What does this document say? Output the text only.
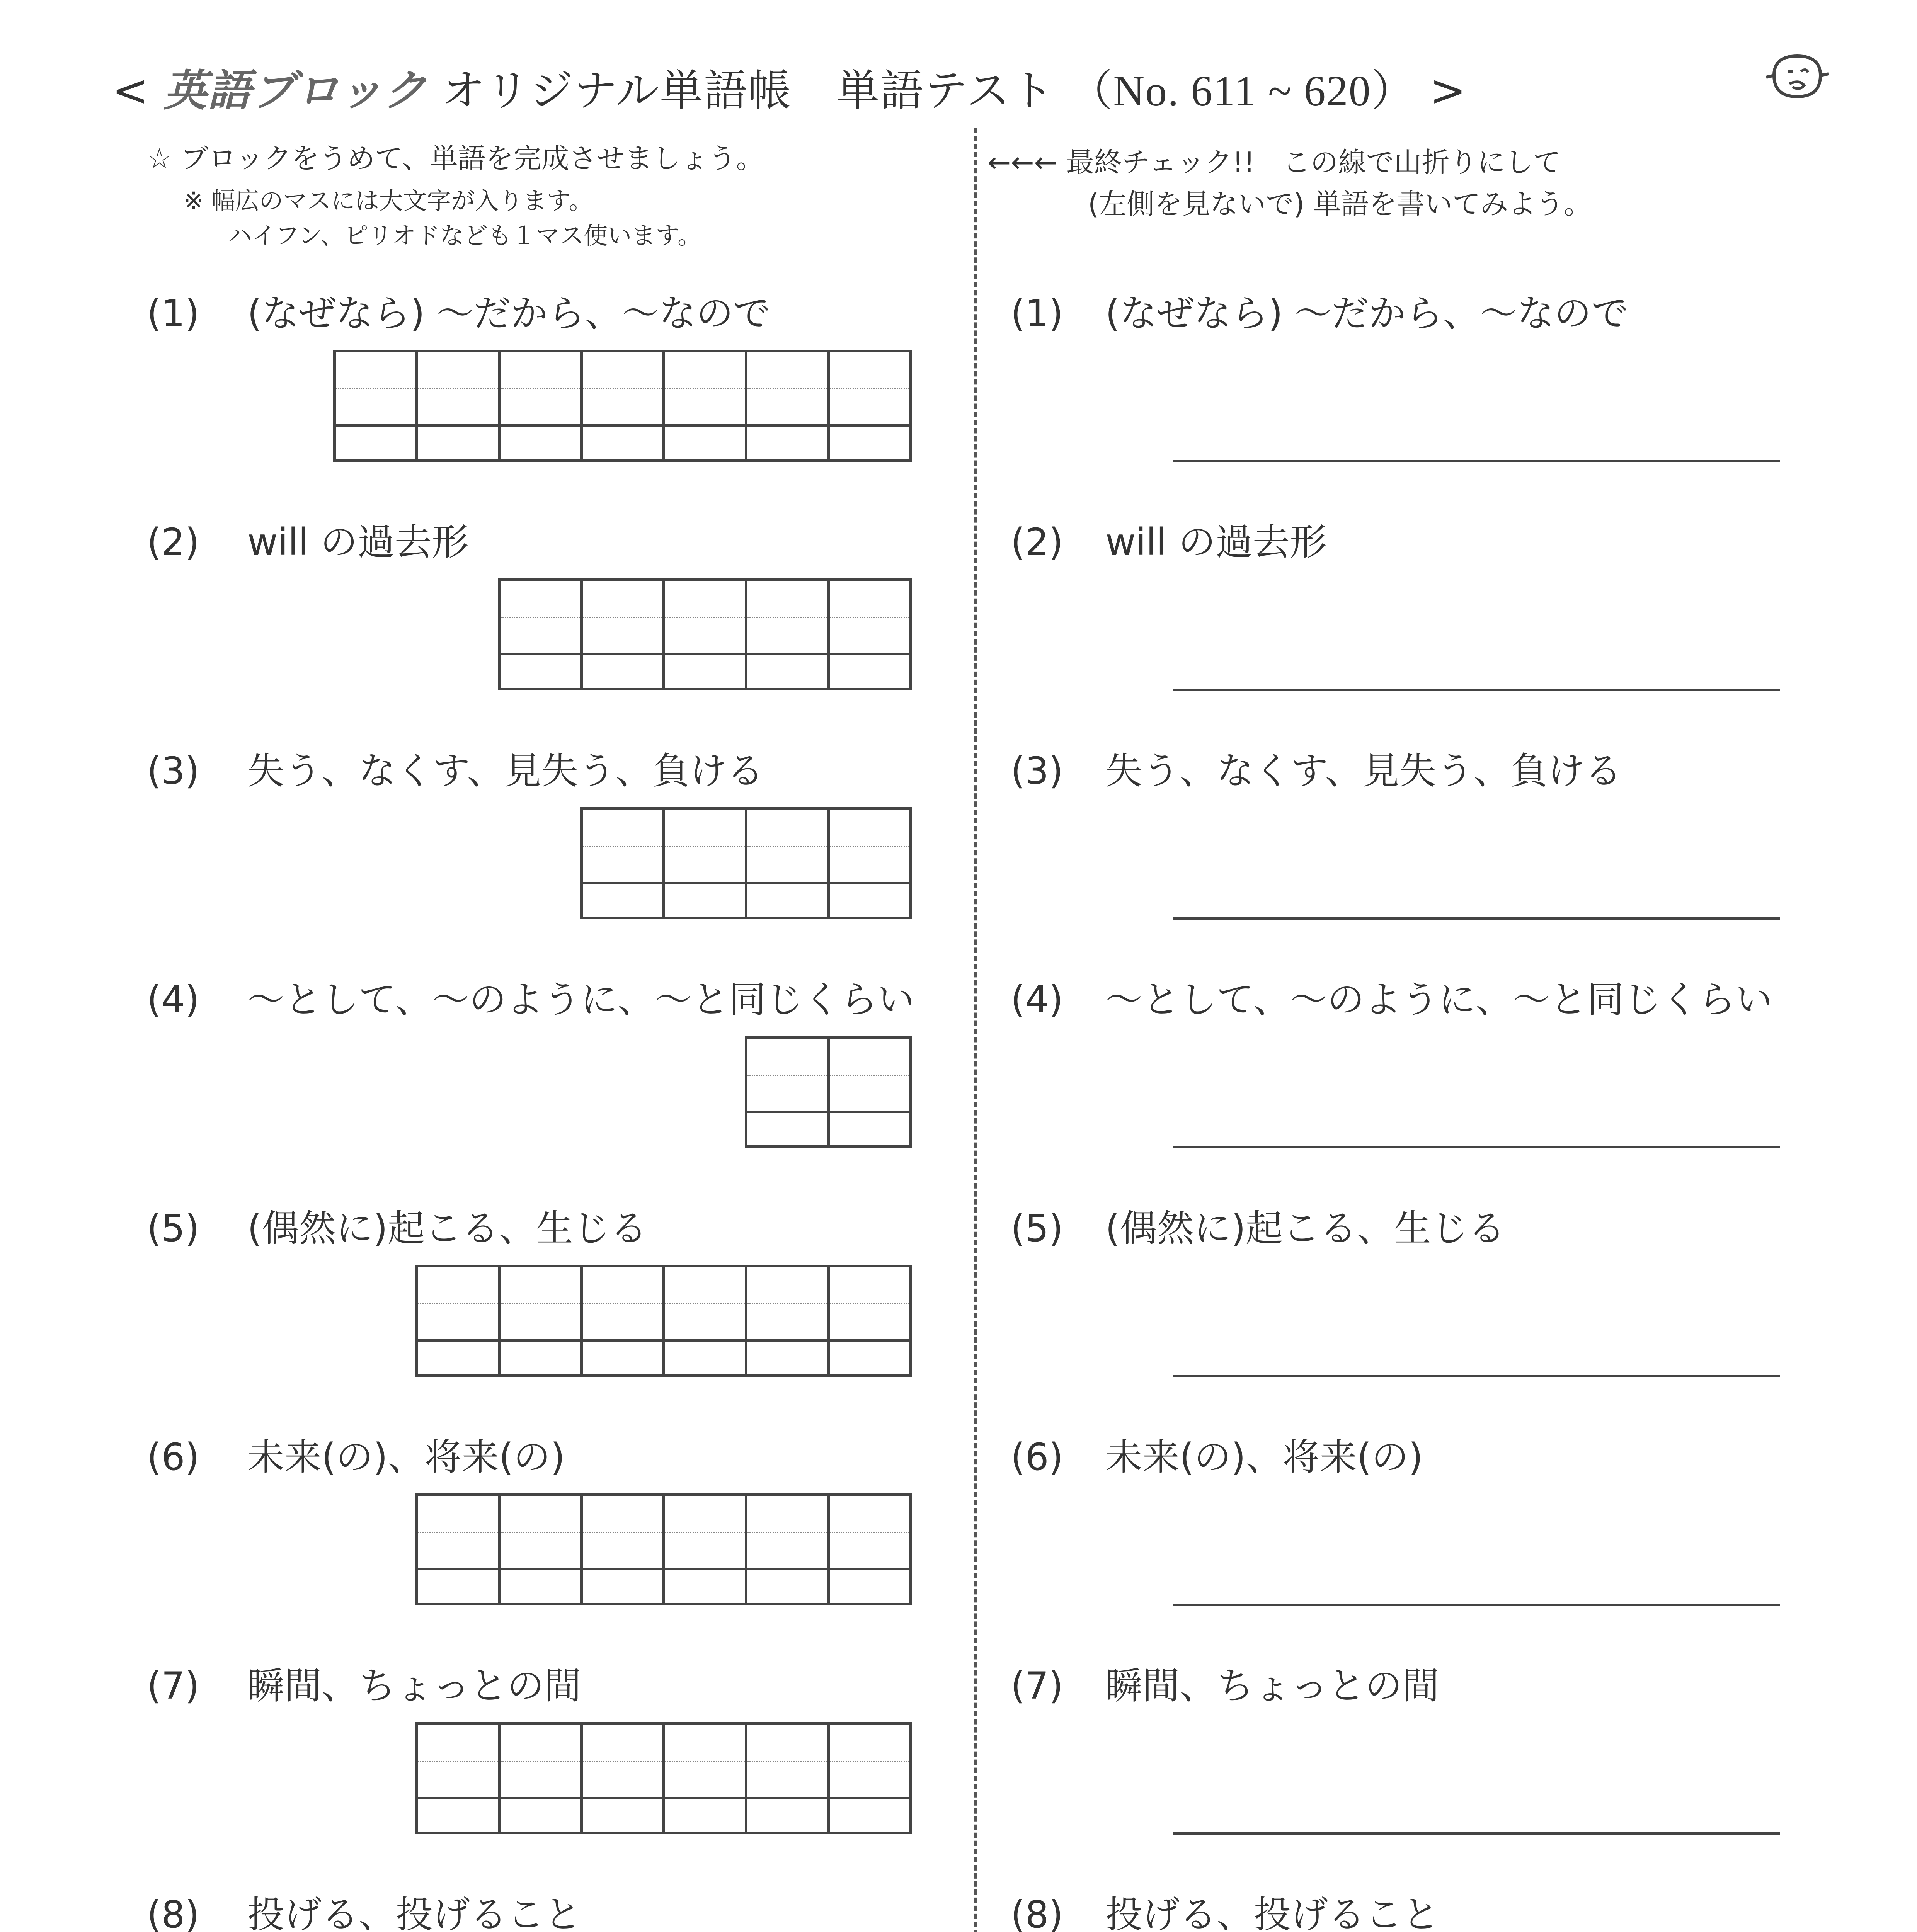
< 英語ブロック オリジナル単語帳　単語テスト （No. 611 ~ 620） >
☆ ブロックをうめて、単語を完成させましょう。
※ 幅広のマスには大文字が入ります。
ハイフン、ピリオドなども１マス使います。
←←← 最終チェック!!　この線で山折りにして
(左側を見ないで) 単語を書いてみよう。
(1) (なぜなら) ～だから、～なので	(1) (なぜなら) ～だから、～なので
(2) will の過去形	(2) will の過去形
(3) 失う、なくす、見失う、負ける	(3) 失う、なくす、見失う、負ける
(4) ～として、～のように、～と同じくらい	(4) ～として、～のように、～と同じくらい
(5) (偶然に)起こる、生じる	(5) (偶然に)起こる、生じる
(6) 未来(の)、将来(の)	(6) 未来(の)、将来(の)
(7) 瞬間、ちょっとの間	(7) 瞬間、ちょっとの間
(8) 投げる、投げること	(8) 投げる、投げること
